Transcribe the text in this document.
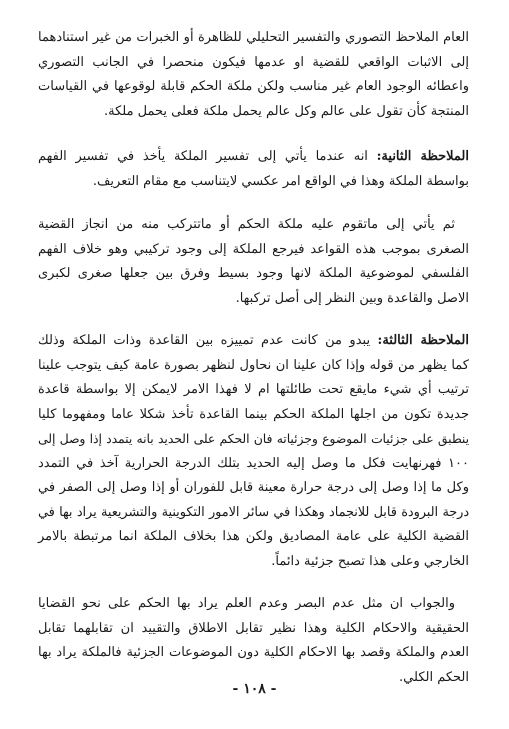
العام الملاحظ التصوري والتفسير التحليلي للظاهرة أو الخبرات من غير استنادهما
إلى الاثبات الواقعي للقضية او عدمها فيكون منحصرا في الجانب التصوري
واعطائه الوجود العام غير مناسب ولكن ملكة الحكم قابلة لوقوعها في القياسات
المنتجة كأن تقول على عالم وكل عالم يحمل ملكة فعلى يحمل ملكة.
الملاحظة الثانية: انه عندما يأتي إلى تفسير الملكة يأخذ في تفسير الفهم
بواسطة الملكة وهذا في الواقع امر عكسي لايتناسب مع مقام التعريف.
ثم يأتي إلى ماتقوم عليه ملكة الحكم أو ماتتركب منه من انجاز القضية
الصغرى بموجب هذه القواعد فيرجع الملكة إلى وجود تركيبي وهو خلاف الفهم
الفلسفي لموضوعية الملكة لانها وجود بسيط وفرق بين جعلها صغرى لكبرى
الاصل والقاعدة وبين النظر إلى أصل تركبها.
الملاحظة الثالثة: يبدو من كانت عدم تمييزه بين القاعدة وذات الملكة وذلك
كما يظهر من قوله وإذا كان علينا ان نحاول لنظهر بصورة عامة كيف يتوجب علينا
ترتيب أي شيء مايقع تحت طائلتها ام لا فهذا الامر لايمكن إلا بواسطة قاعدة
جديدة تكون من اجلها الملكة الحكم بينما القاعدة تأخذ شكلا عاما ومفهوما كليا
ينطبق على جزئيات الموضوع وجزئياته فان الحكم على الحديد بانه يتمدد إذا وصل إلى
١٠٠ فهرنهايت فكل ما وصل إليه الحديد بتلك الدرجة الحرارية آخذ في التمدد
وكل ما إذا وصل إلى درجة حرارة معينة قابل للفوران أو إذا وصل إلى الصفر في
درجة البرودة قابل للانجماد وهكذا في سائر الامور التكوينية والتشريعية يراد بها في
القضية الكلية على عامة المصاديق ولكن هذا بخلاف الملكة انما مرتبطة بالامر
الخارجي وعلى هذا تصبح جزئية دائماً.
والجواب ان مثل عدم البصر وعدم العلم يراد بها الحكم على نحو القضايا
الحقيقية والاحكام الكلية وهذا نظير تقابل الاطلاق والتقييد ان تقابلهما تقابل
العدم والملكة وقصد بها الاحكام الكلية دون الموضوعات الجزئية فالملكة يراد بها
الحكم الكلي.
- ١٠٨ -
